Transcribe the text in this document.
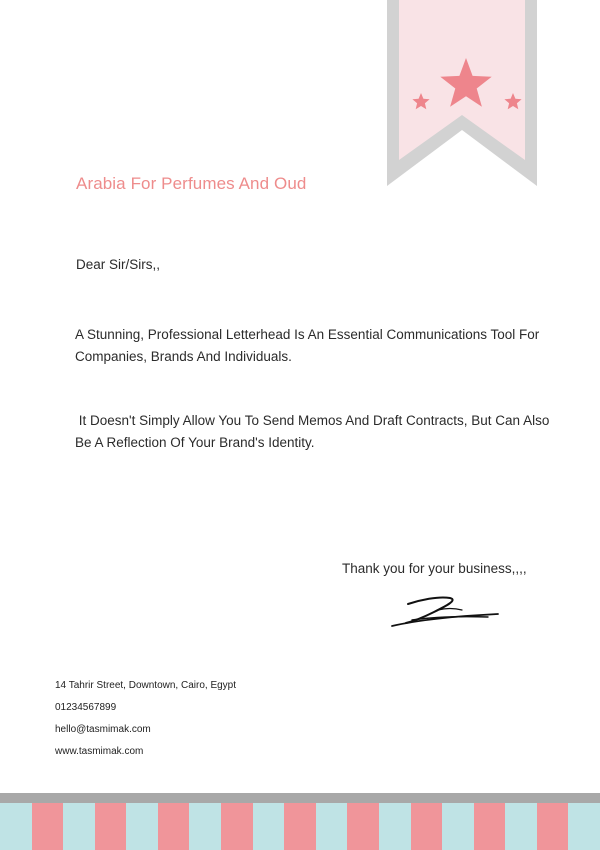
Arabia For Perfumes And Oud
Dear Sir/Sirs,,
A Stunning, Professional Letterhead Is An Essential Communications Tool For Companies, Brands And Individuals.
It Doesn't Simply Allow You To Send Memos And Draft Contracts, But Can Also Be A Reflection Of Your Brand's Identity.
Thank you for your business,,,,
14 Tahrir Street, Downtown, Cairo, Egypt
01234567899
hello@tasmimak.com
www.tasmimak.com
